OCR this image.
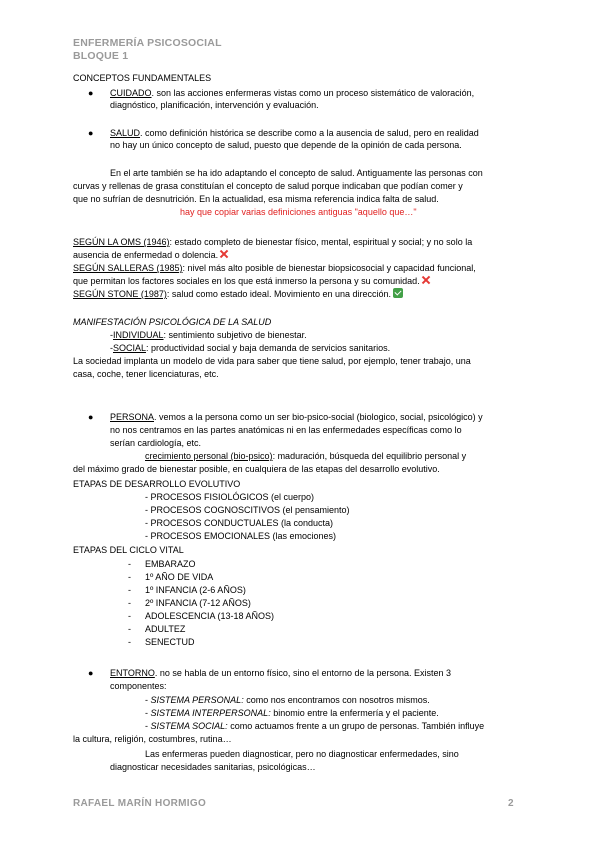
ENFERMERÍA PSICOSOCIAL
BLOQUE 1
CONCEPTOS FUNDAMENTALES
● CUIDADO. son las acciones enfermeras vistas como un proceso sistemático de valoración,
diagnóstico, planificación, intervención y evaluación.
● SALUD. como definición histórica se describe como a la ausencia de salud, pero en realidad
no hay un único concepto de salud, puesto que depende de la opinión de cada persona.
En el arte también se ha ido adaptando el concepto de salud. Antiguamente las personas con
curvas y rellenas de grasa constituían el concepto de salud porque indicaban que podían comer y
que no sufrían de desnutrición. En la actualidad, esa misma referencia indica falta de salud.
hay que copiar varias definiciones antiguas "aquello que…"
SEGÚN LA OMS (1946): estado completo de bienestar físico, mental, espiritual y social; y no solo la
ausencia de enfermedad o dolencia.
SEGÚN SALLERAS (1985): nivel más alto posible de bienestar biopsicosocial y capacidad funcional,
que permitan los factores sociales en los que está inmerso la persona y su comunidad.
SEGÚN STONE (1987): salud como estado ideal. Movimiento en una dirección.
MANIFESTACIÓN PSICOLÓGICA DE LA SALUD
-INDIVIDUAL: sentimiento subjetivo de bienestar.
-SOCIAL: productividad social y baja demanda de servicios sanitarios.
La sociedad implanta un modelo de vida para saber que tiene salud, por ejemplo, tener trabajo, una
casa, coche, tener licenciaturas, etc.
● PERSONA. vemos a la persona como un ser bio-psico-social (biologico, social, psicológico) y
no nos centramos en las partes anatómicas ni en las enfermedades específicas como lo
serían cardiología, etc.
crecimiento personal (bio-psico): maduración, búsqueda del equilibrio personal y
del máximo grado de bienestar posible, en cualquiera de las etapas del desarrollo evolutivo.
ETAPAS DE DESARROLLO EVOLUTIVO
- PROCESOS FISIOLÓGICOS (el cuerpo)
- PROCESOS COGNOSCITIVOS (el pensamiento)
- PROCESOS CONDUCTUALES (la conducta)
- PROCESOS EMOCIONALES (las emociones)
ETAPAS DEL CICLO VITAL
- EMBARAZO
- 1º AÑO DE VIDA
- 1º INFANCIA (2-6 AÑOS)
- 2º INFANCIA (7-12 AÑOS)
- ADOLESCENCIA (13-18 AÑOS)
- ADULTEZ
- SENECTUD
● ENTORNO. no se habla de un entorno físico, sino el entorno de la persona. Existen 3
componentes:
- SISTEMA PERSONAL: como nos encontramos con nosotros mismos.
- SISTEMA INTERPERSONAL: binomio entre la enfermería y el paciente.
- SISTEMA SOCIAL: como actuamos frente a un grupo de personas. También influye
la cultura, religión, costumbres, rutina…
Las enfermeras pueden diagnosticar, pero no diagnosticar enfermedades, sino
diagnosticar necesidades sanitarias, psicológicas…
RAFAEL MARÍN HORMIGO	2
